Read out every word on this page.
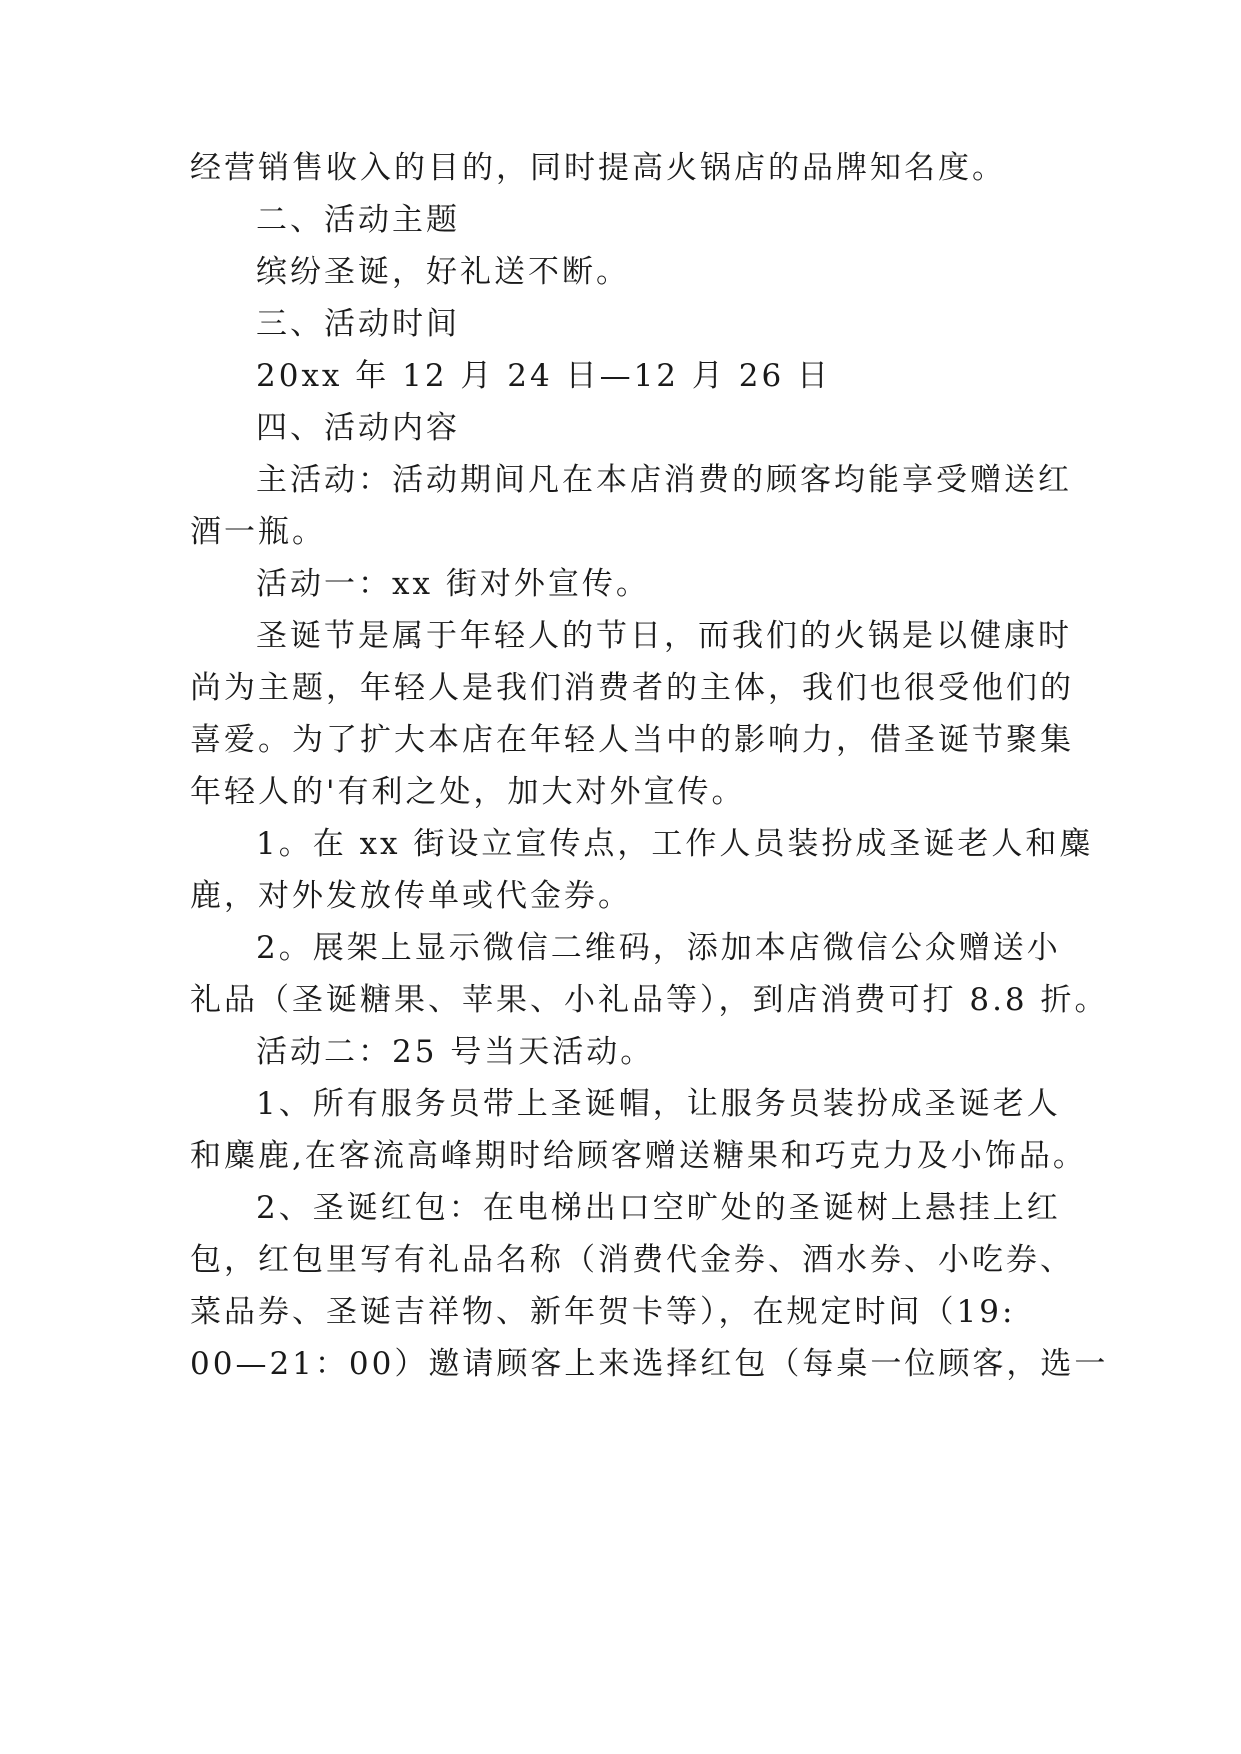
经营销售收入的目的，同时提高火锅店的品牌知名度。
二、活动主题
缤纷圣诞，好礼送不断。
三、活动时间
20xx 年 12 月 24 日—12 月 26 日
四、活动内容
主活动：活动期间凡在本店消费的顾客均能享受赠送红
酒一瓶。
活动一：xx 街对外宣传。
圣诞节是属于年轻人的节日，而我们的火锅是以健康时
尚为主题，年轻人是我们消费者的主体，我们也很受他们的
喜爱。为了扩大本店在年轻人当中的影响力，借圣诞节聚集
年轻人的'有利之处，加大对外宣传。
1。在 xx 街设立宣传点，工作人员装扮成圣诞老人和麋
鹿，对外发放传单或代金券。
2。展架上显示微信二维码，添加本店微信公众赠送小
礼品（圣诞糖果、苹果、小礼品等），到店消费可打 8.8 折。
活动二：25 号当天活动。
1、所有服务员带上圣诞帽，让服务员装扮成圣诞老人
和麋鹿,在客流高峰期时给顾客赠送糖果和巧克力及小饰品。
2、圣诞红包：在电梯出口空旷处的圣诞树上悬挂上红
包，红包里写有礼品名称（消费代金券、酒水券、小吃券、
菜品券、圣诞吉祥物、新年贺卡等），在规定时间（19:
00—21：00）邀请顾客上来选择红包（每桌一位顾客，选一
